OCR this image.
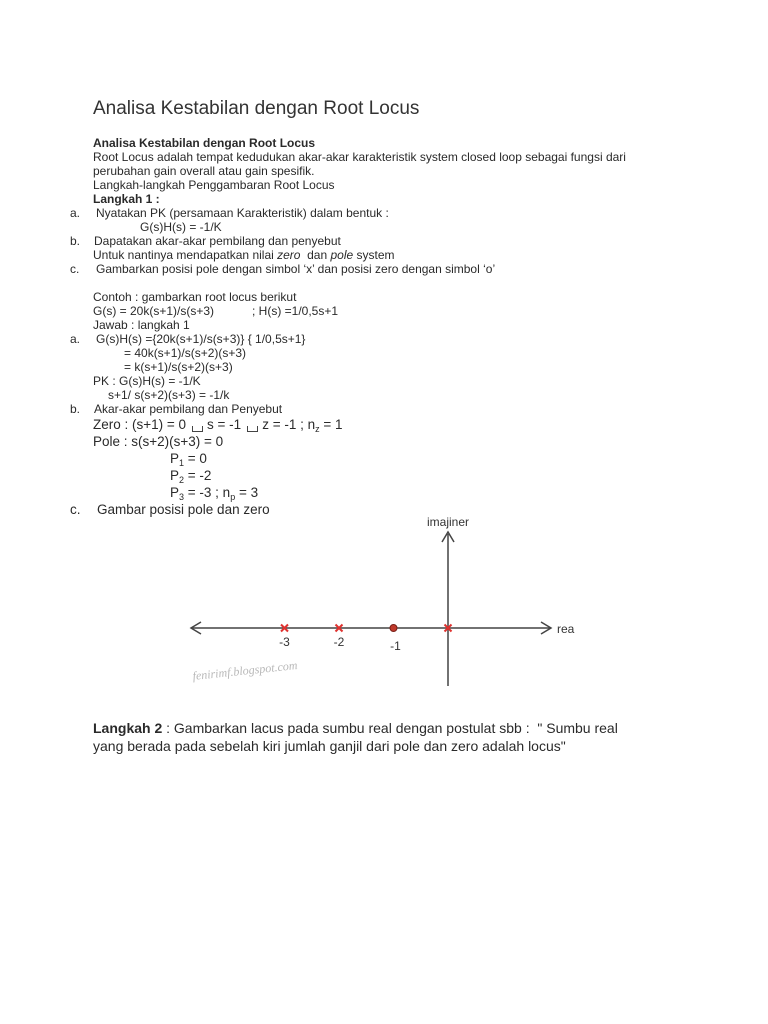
Analisa Kestabilan dengan Root Locus
Analisa Kestabilan dengan Root Locus
Root Locus adalah tempat kedudukan akar-akar karakteristik system closed loop sebagai fungsi dari
perubahan gain overall atau gain spesifik.
Langkah-langkah Penggambaran Root Locus
Langkah 1 :
a. Nyatakan PK (persamaan Karakteristik) dalam bentuk :
G(s)H(s) = -1/K
b. Dapatakan akar-akar pembilang dan penyebut
Untuk nantinya mendapatkan nilai zero  dan pole system
c. Gambarkan posisi pole dengan simbol ‘x’ dan posisi zero dengan simbol ‘o’
Contoh : gambarkan root locus berikut
G(s) = 20k(s+1)/s(s+3)	; H(s) =1/0,5s+1
Jawab : langkah 1
a. G(s)H(s) ={20k(s+1)/s(s+3)} { 1/0,5s+1}
= 40k(s+1)/s(s+2)(s+3)
= k(s+1)/s(s+2)(s+3)
PK : G(s)H(s) = -1/K
s+1/ s(s+2)(s+3) = -1/k
b. Akar-akar pembilang dan Penyebut
Zero : (s+1) = 0 s = -1 z = -1 ; $n_z = 1$
Pole : s(s+2)(s+3) = 0
$P_1 = 0$
$P_2 = -2$
$P_3 = -3$ ; $n_p = 3$
c. Gambar posisi pole dan zero
imajiner
rea
-3	-2	-1
fenirimf.blogspot.com
Langkah 2 : Gambarkan lacus pada sumbu real dengan postulat sbb :  " Sumbu real
yang berada pada sebelah kiri jumlah ganjil dari pole dan zero adalah locus"
